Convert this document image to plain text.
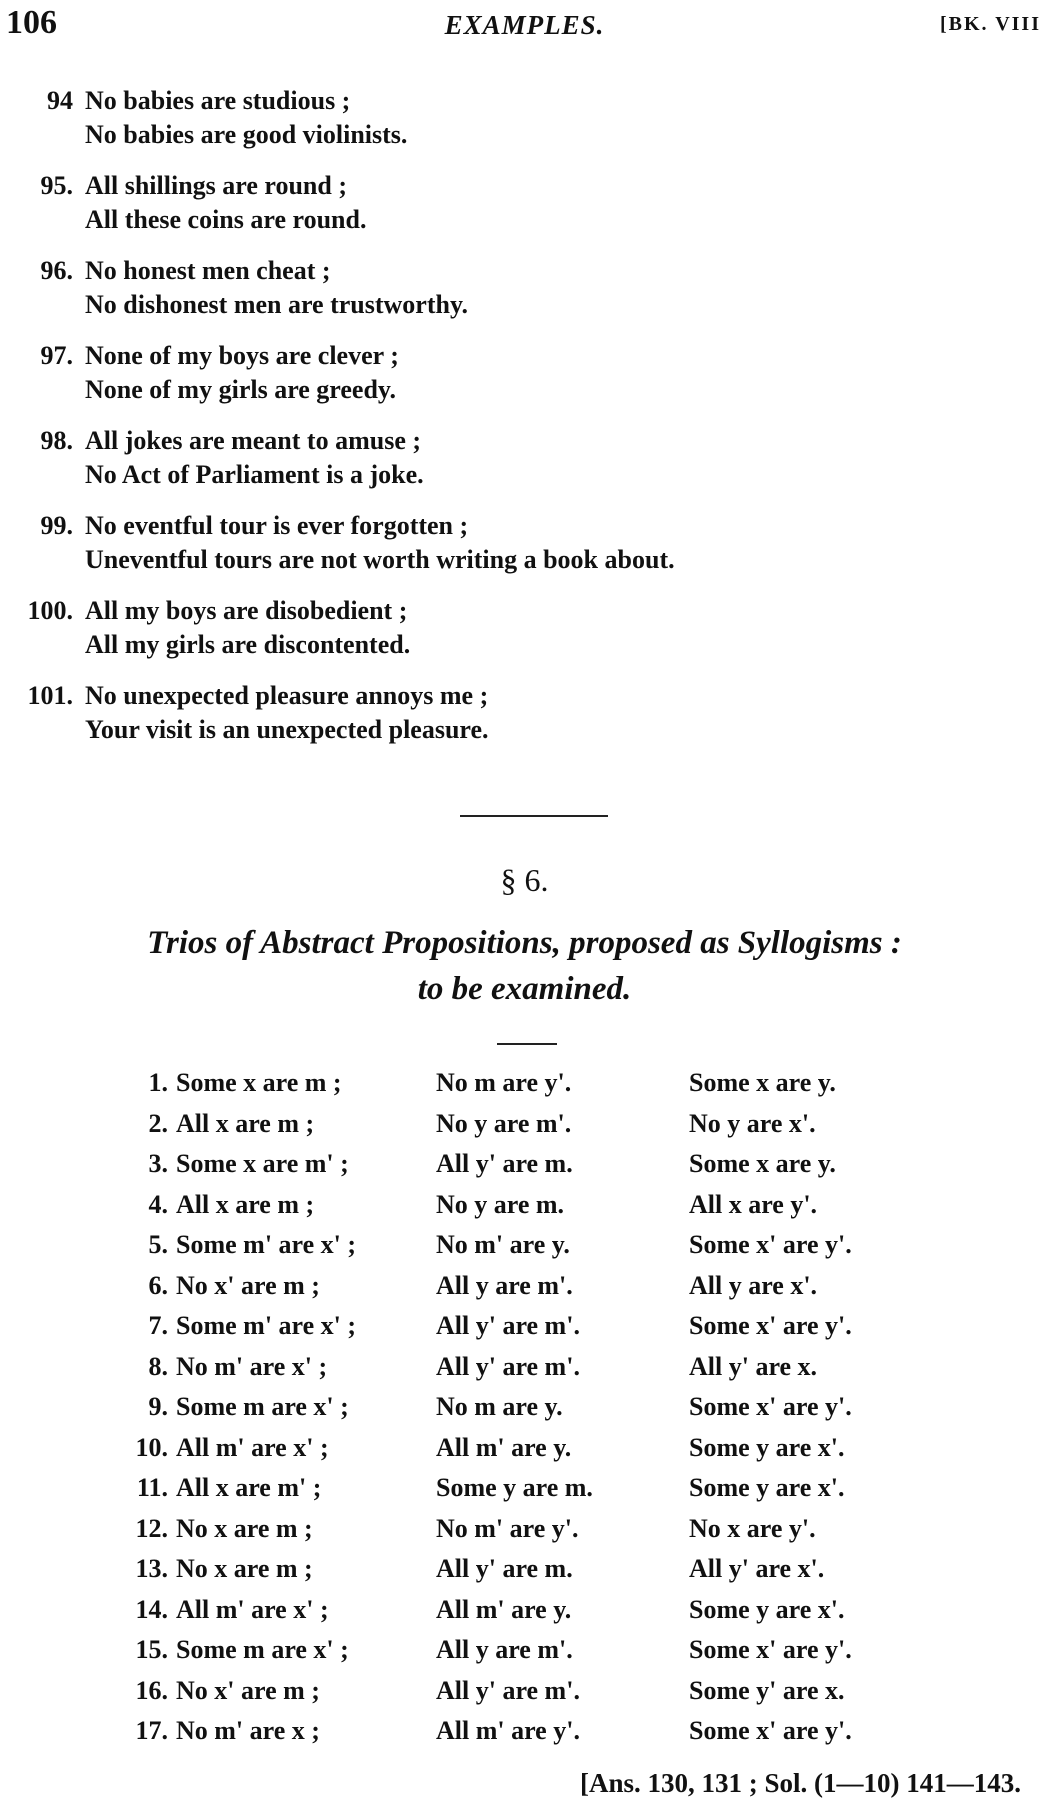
106	EXAMPLES.	[BK. VIII
94 No babies are studious ;
No babies are good violinists.
95. All shillings are round ;
All these coins are round.
96. No honest men cheat ;
No dishonest men are trustworthy.
97. None of my boys are clever ;
None of my girls are greedy.
98. All jokes are meant to amuse ;
No Act of Parliament is a joke.
99. No eventful tour is ever forgotten ;
Uneventful tours are not worth writing a book about.
100. All my boys are disobedient ;
All my girls are discontented.
101. No unexpected pleasure annoys me ;
Your visit is an unexpected pleasure.
§ 6.
Trios of Abstract Propositions, proposed as Syllogisms :
to be examined.
1. Some x are m ;	No m are y'.	Some x are y.
2. All x are m ;	No y are m'.	No y are x'.
3. Some x are m' ;	All y' are m.	Some x are y.
4. All x are m ;	No y are m.	All x are y'.
5. Some m' are x' ;	No m' are y.	Some x' are y'.
6. No x' are m ;	All y are m'.	All y are x'.
7. Some m' are x' ;	All y' are m'.	Some x' are y'.
8. No m' are x' ;	All y' are m'.	All y' are x.
9. Some m are x' ;	No m are y.	Some x' are y'.
10. All m' are x' ;	All m' are y.	Some y are x'.
11. All x are m' ;	Some y are m.	Some y are x'.
12. No x are m ;	No m' are y'.	No x are y'.
13. No x are m ;	All y' are m.	All y' are x'.
14. All m' are x' ;	All m' are y.	Some y are x'.
15. Some m are x' ;	All y are m'.	Some x' are y'.
16. No x' are m ;	All y' are m'.	Some y' are x.
17. No m' are x ;	All m' are y'.	Some x' are y'.
[Ans. 130, 131 ; Sol. (1—10) 141—143.
